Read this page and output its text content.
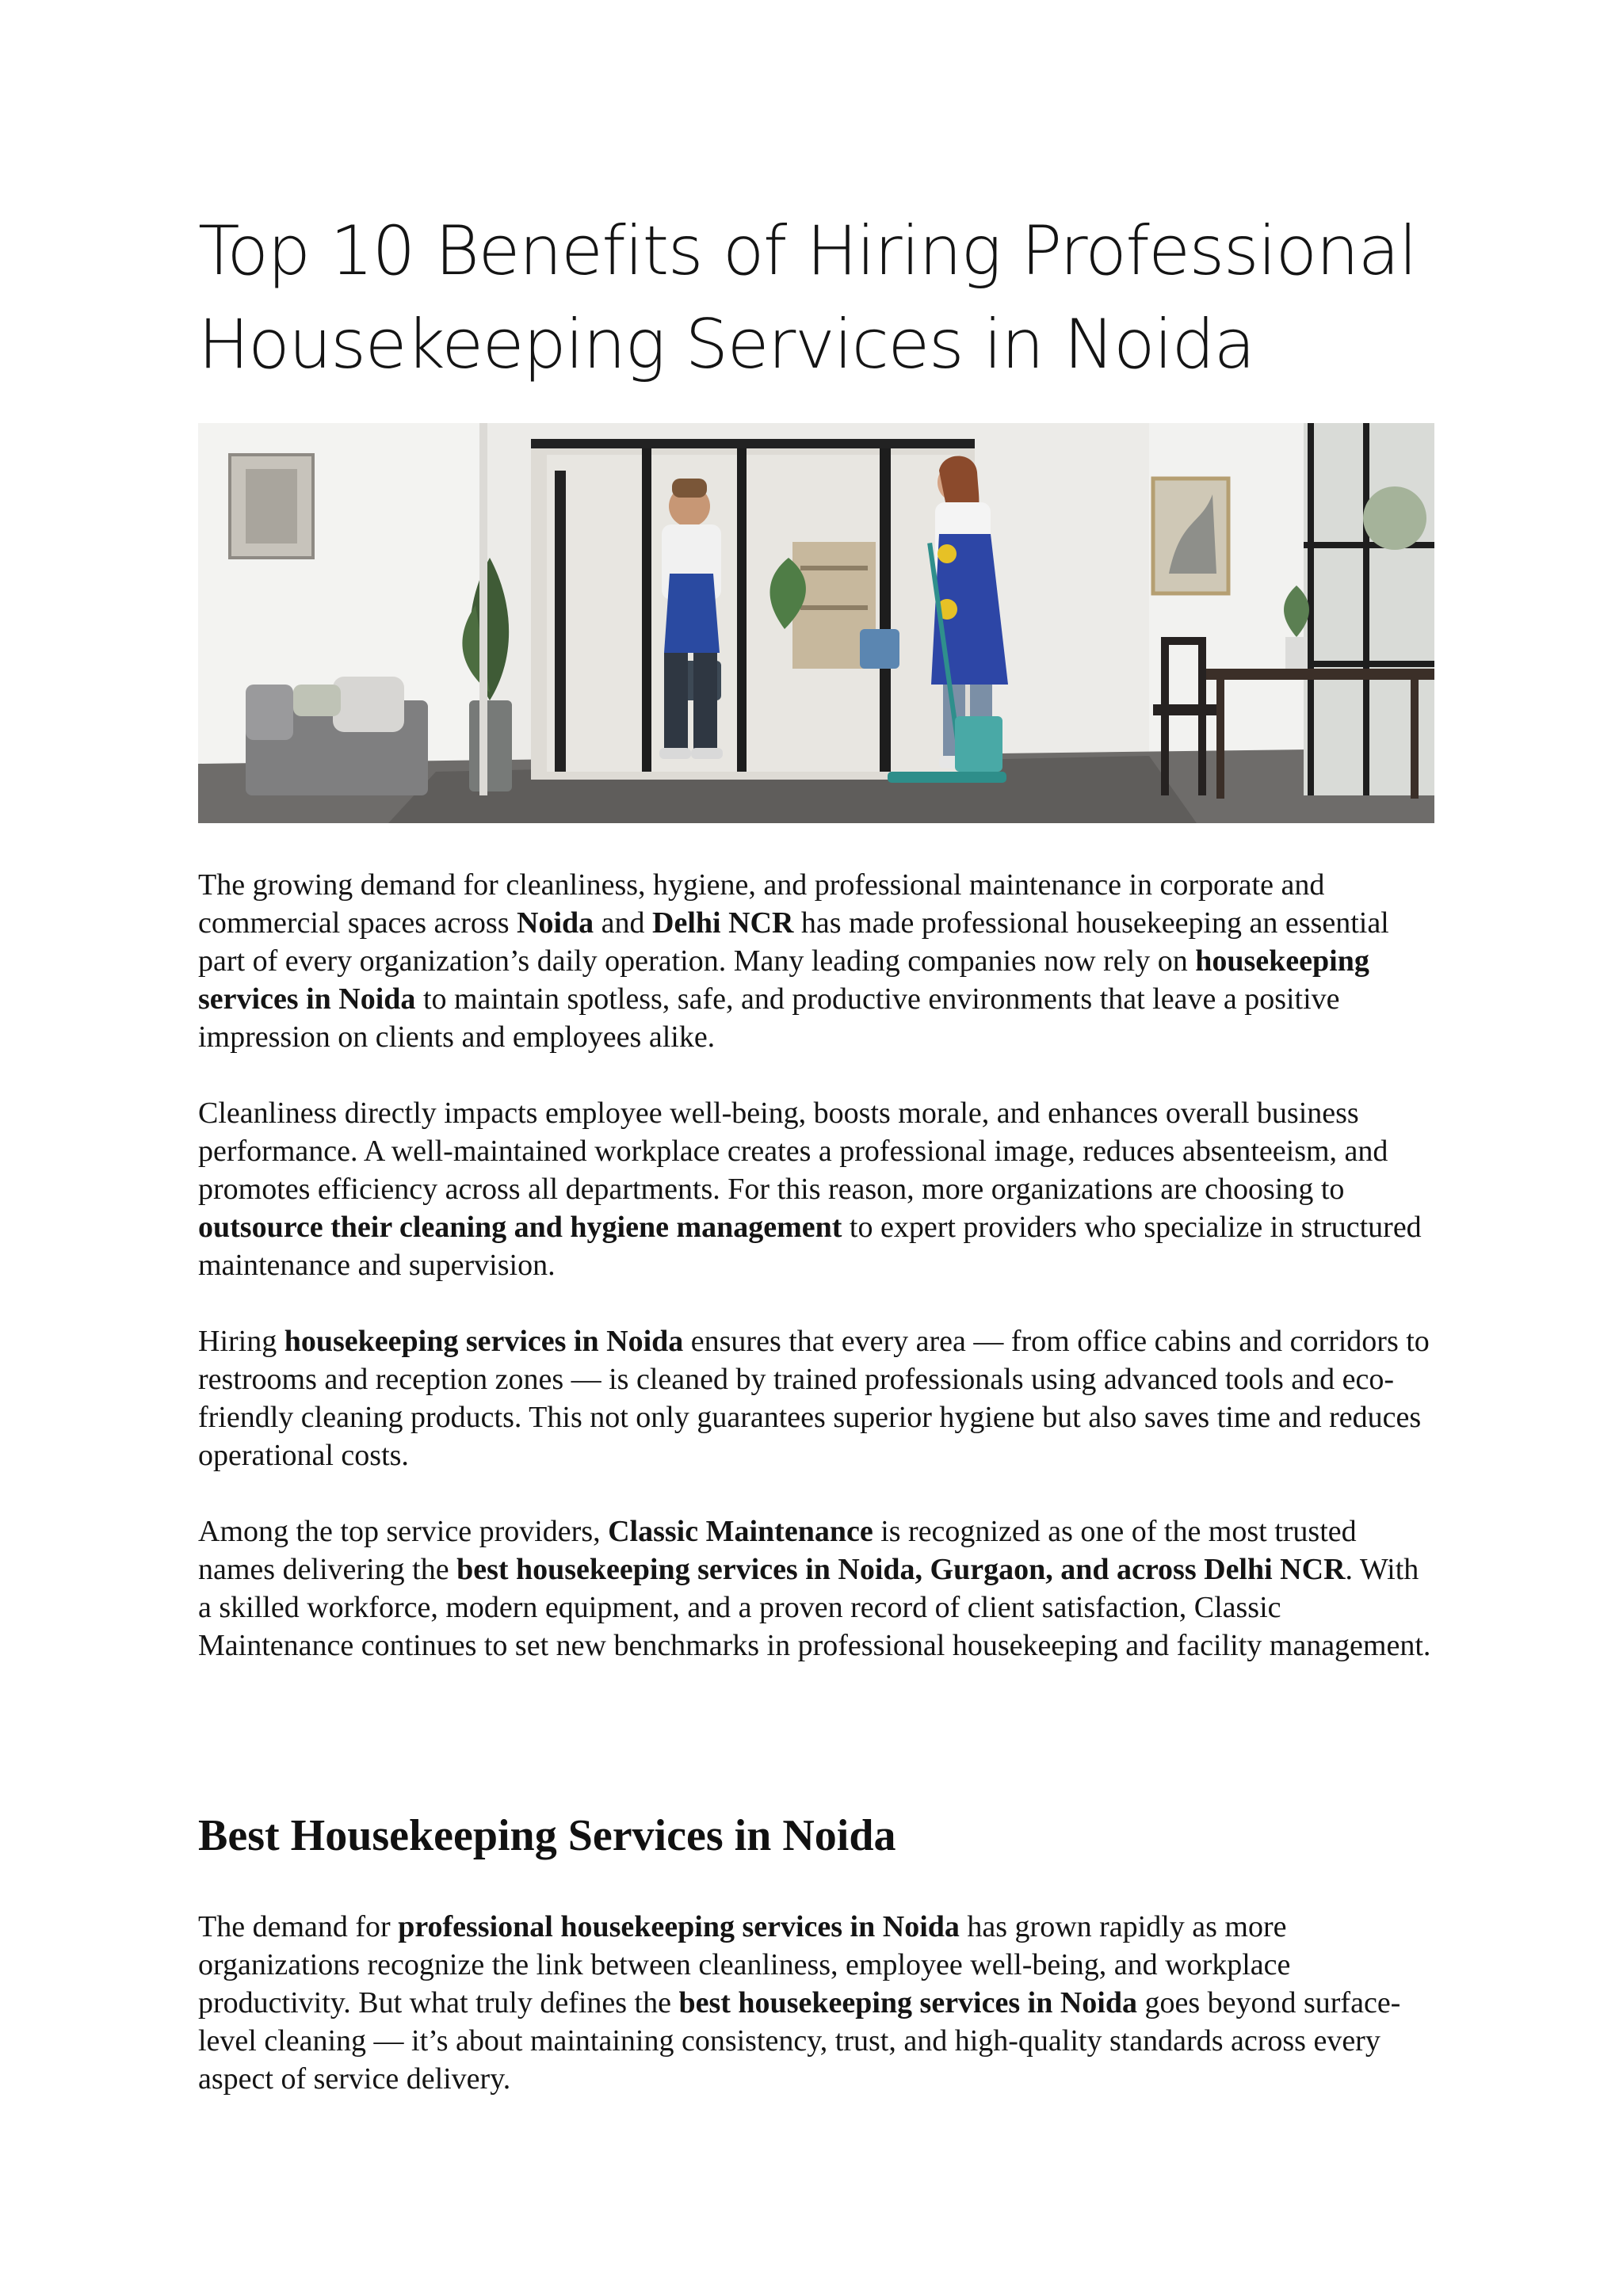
Top 10 Benefits of Hiring Professional
Housekeeping Services in Noida

The growing demand for cleanliness, hygiene, and professional maintenance in corporate and commercial spaces across Noida and Delhi NCR has made professional housekeeping an essential part of every organization’s daily operation. Many leading companies now rely on housekeeping services in Noida to maintain spotless, safe, and productive environments that leave a positive impression on clients and employees alike.

Cleanliness directly impacts employee well-being, boosts morale, and enhances overall business performance. A well-maintained workplace creates a professional image, reduces absenteeism, and promotes efficiency across all departments. For this reason, more organizations are choosing to outsource their cleaning and hygiene management to expert providers who specialize in structured maintenance and supervision.

Hiring housekeeping services in Noida ensures that every area — from office cabins and corridors to restrooms and reception zones — is cleaned by trained professionals using advanced tools and eco-friendly cleaning products. This not only guarantees superior hygiene but also saves time and reduces operational costs.

Among the top service providers, Classic Maintenance is recognized as one of the most trusted names delivering the best housekeeping services in Noida, Gurgaon, and across Delhi NCR. With a skilled workforce, modern equipment, and a proven record of client satisfaction, Classic Maintenance continues to set new benchmarks in professional housekeeping and facility management.

Best Housekeeping Services in Noida

The demand for professional housekeeping services in Noida has grown rapidly as more organizations recognize the link between cleanliness, employee well-being, and workplace productivity. But what truly defines the best housekeeping services in Noida goes beyond surface-level cleaning — it’s about maintaining consistency, trust, and high-quality standards across every aspect of service delivery.
